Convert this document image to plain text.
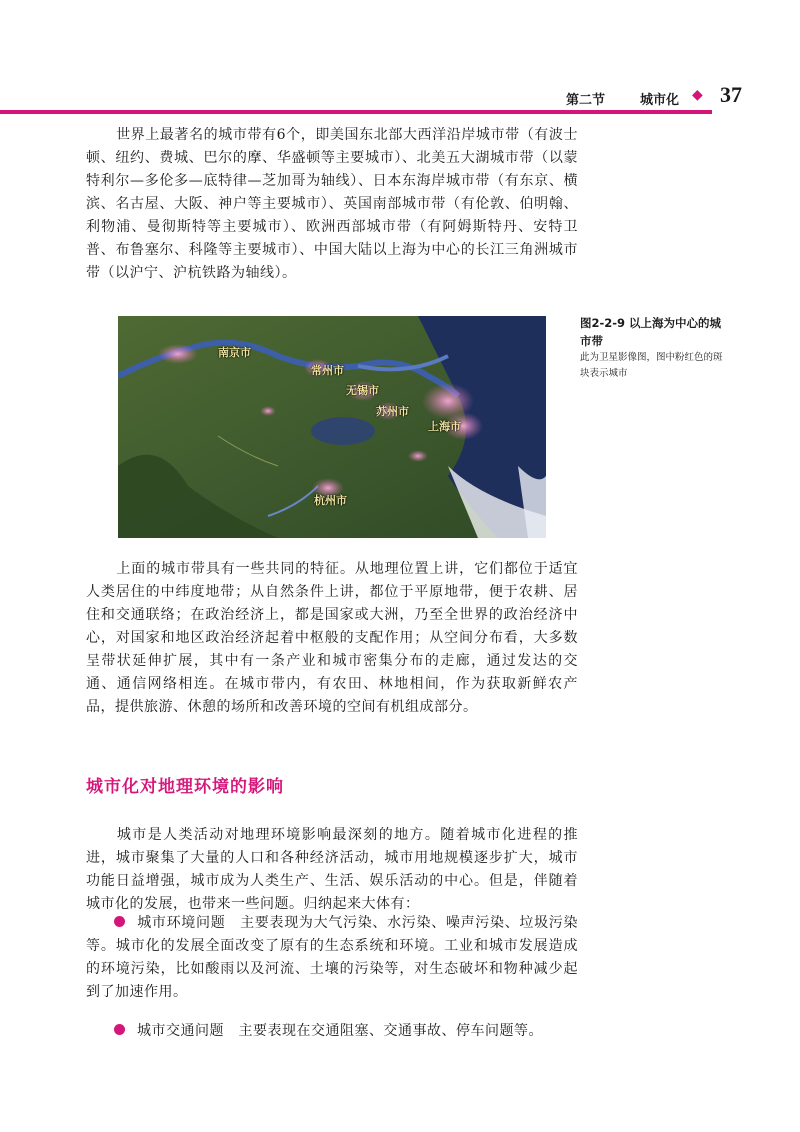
第二节	城市化 ◆ 37

世界上最著名的城市带有6个，即美国东北部大西洋沿岸城市带（有波士顿、纽约、费城、巴尔的摩、华盛顿等主要城市）、北美五大湖城市带（以蒙特利尔—多伦多—底特律—芝加哥为轴线）、日本东海岸城市带（有东京、横滨、名古屋、大阪、神户等主要城市）、英国南部城市带（有伦敦、伯明翰、利物浦、曼彻斯特等主要城市）、欧洲西部城市带（有阿姆斯特丹、安特卫普、布鲁塞尔、科隆等主要城市）、中国大陆以上海为中心的长江三角洲城市带（以沪宁、沪杭铁路为轴线）。

南京市
常州市
无锡市
苏州市
上海市
杭州市

图2-2-9 以上海为中心的城市带

此为卫星影像图，图中粉红色的斑块表示城市

上面的城市带具有一些共同的特征。从地理位置上讲，它们都位于适宜人类居住的中纬度地带；从自然条件上讲，都位于平原地带，便于农耕、居住和交通联络；在政治经济上，都是国家或大洲，乃至全世界的政治经济中心，对国家和地区政治经济起着中枢般的支配作用；从空间分布看，大多数呈带状延伸扩展，其中有一条产业和城市密集分布的走廊，通过发达的交通、通信网络相连。在城市带内，有农田、林地相间，作为获取新鲜农产品，提供旅游、休憩的场所和改善环境的空间有机组成部分。

城市化对地理环境的影响

城市是人类活动对地理环境影响最深刻的地方。随着城市化进程的推进，城市聚集了大量的人口和各种经济活动，城市用地规模逐步扩大，城市功能日益增强，城市成为人类生产、生活、娱乐活动的中心。但是，伴随着城市化的发展，也带来一些问题。归纳起来大体有：

城市环境问题　 主要表现为大气污染、水污染、噪声污染、垃圾污染等。城市化的发展全面改变了原有的生态系统和环境。工业和城市发展造成的环境污染，比如酸雨以及河流、土壤的污染等，对生态破坏和物种减少起到了加速作用。

城市交通问题　 主要表现在交通阻塞、交通事故、停车问题等。
